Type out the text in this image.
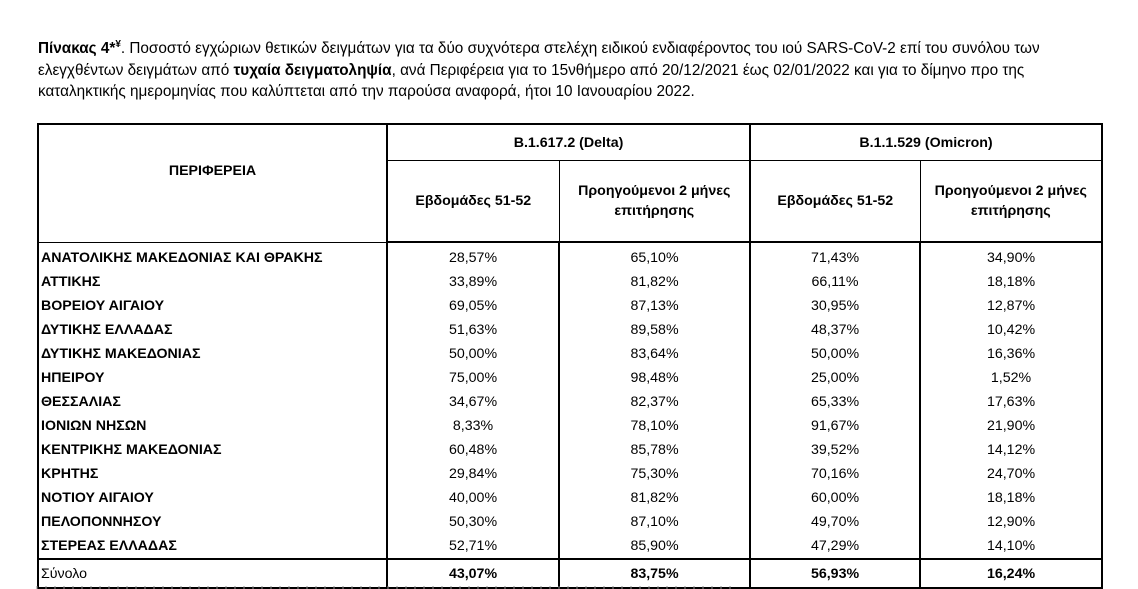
Πίνακας 4*¥. Ποσοστό εγχώριων θετικών δειγμάτων για τα δύο συχνότερα στελέχη ειδικού ενδιαφέροντος του ιού SARS-CoV-2 επί του συνόλου των ελεγχθέντων δειγμάτων από τυχαία δειγματοληψία, ανά Περιφέρεια για το 15νθήμερο από 20/12/2021 έως 02/01/2022 και για το δίμηνο προ της καταληκτικής ημερομηνίας που καλύπτεται από την παρούσα αναφορά, ήτοι 10 Ιανουαρίου 2022.
ΠΕΡΙΦΕΡΕΙΑ	B.1.617.2 (Delta)		B.1.1.529 (Omicron)	
	Εβδομάδες 51-52	Προηγούμενοι 2 μήνες επιτήρησης	Εβδομάδες 51-52	Προηγούμενοι 2 μήνες επιτήρησης
ΑΝΑΤΟΛΙΚΗΣ ΜΑΚΕΔΟΝΙΑΣ ΚΑΙ ΘΡΑΚΗΣ	28,57%	65,10%	71,43%	34,90%
ΑΤΤΙΚΗΣ	33,89%	81,82%	66,11%	18,18%
ΒΟΡΕΙΟΥ ΑΙΓΑΙΟΥ	69,05%	87,13%	30,95%	12,87%
ΔΥΤΙΚΗΣ ΕΛΛΑΔΑΣ	51,63%	89,58%	48,37%	10,42%
ΔΥΤΙΚΗΣ ΜΑΚΕΔΟΝΙΑΣ	50,00%	83,64%	50,00%	16,36%
ΗΠΕΙΡΟΥ	75,00%	98,48%	25,00%	1,52%
ΘΕΣΣΑΛΙΑΣ	34,67%	82,37%	65,33%	17,63%
ΙΟΝΙΩΝ ΝΗΣΩΝ	8,33%	78,10%	91,67%	21,90%
ΚΕΝΤΡΙΚΗΣ ΜΑΚΕΔΟΝΙΑΣ	60,48%	85,78%	39,52%	14,12%
ΚΡΗΤΗΣ	29,84%	75,30%	70,16%	24,70%
ΝΟΤΙΟΥ ΑΙΓΑΙΟΥ	40,00%	81,82%	60,00%	18,18%
ΠΕΛΟΠΟΝΝΗΣΟΥ	50,30%	87,10%	49,70%	12,90%
ΣΤΕΡΕΑΣ ΕΛΛΑΔΑΣ	52,71%	85,90%	47,29%	14,10%
Σύνολο	43,07%	83,75%	56,93%	16,24%
